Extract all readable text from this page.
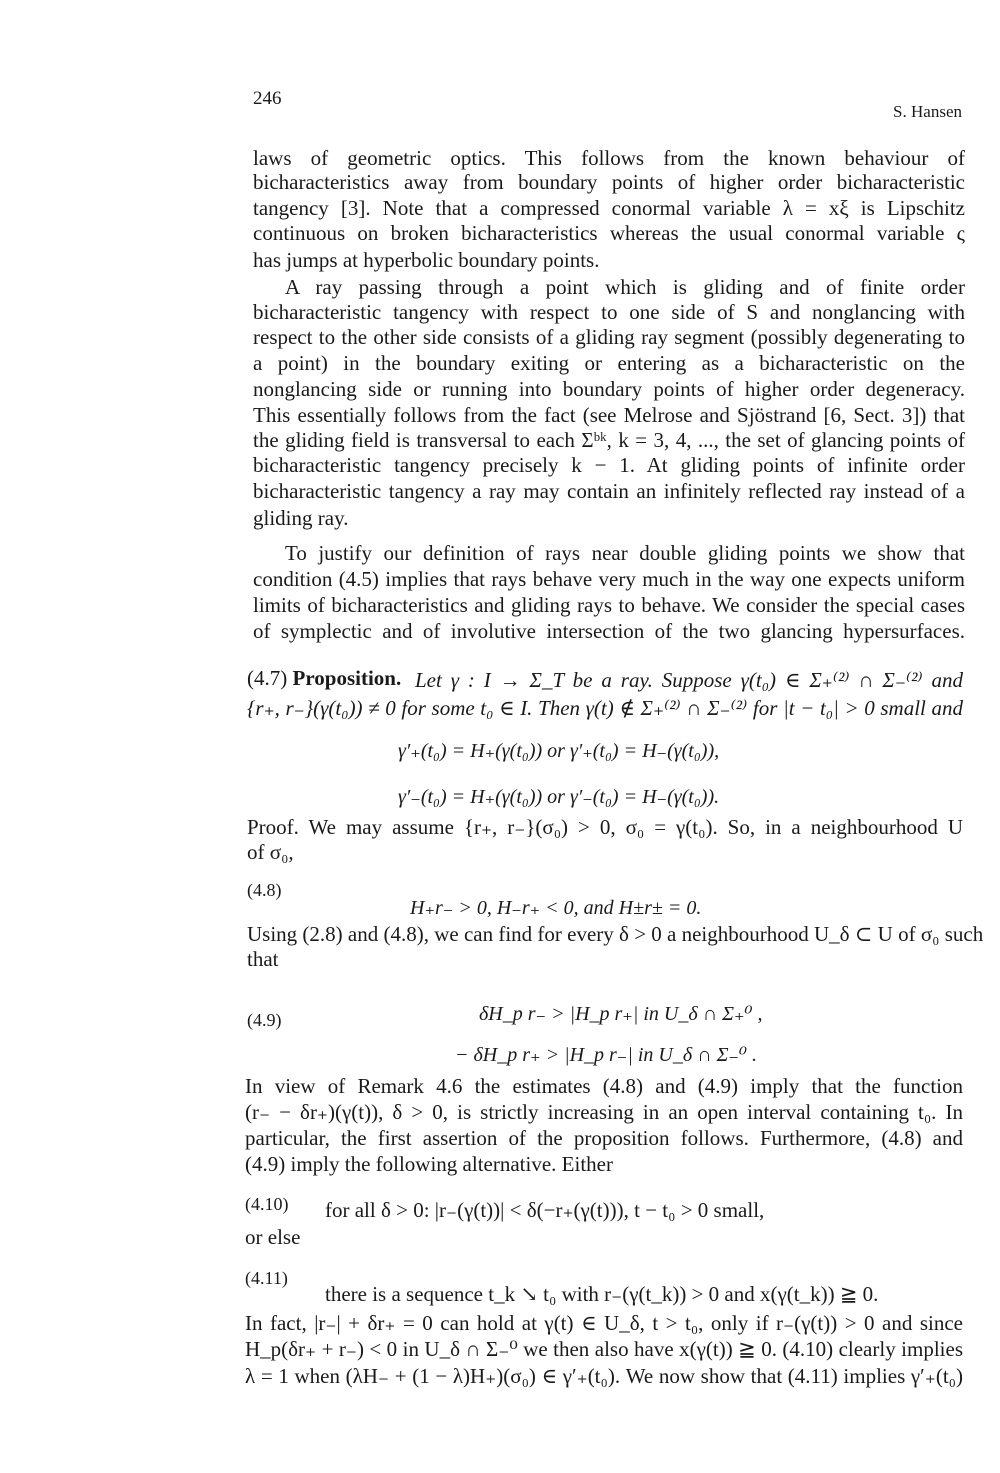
246
S. Hansen
laws of geometric optics. This follows from the known behaviour of
bicharacteristics away from boundary points of higher order bicharacteristic
tangency [3]. Note that a compressed conormal variable λ = xξ is Lipschitz
continuous on broken bicharacteristics whereas the usual conormal variable ς
has jumps at hyperbolic boundary points.
A ray passing through a point which is gliding and of finite order
bicharacteristic tangency with respect to one side of S and nonglancing with
respect to the other side consists of a gliding ray segment (possibly degenerating to
a point) in the boundary exiting or entering as a bicharacteristic on the
nonglancing side or running into boundary points of higher order degeneracy.
This essentially follows from the fact (see Melrose and Sjöstrand [6, Sect. 3]) that
the gliding field is transversal to each Σᵇᵏ, k = 3, 4, ..., the set of glancing points of
bicharacteristic tangency precisely k − 1. At gliding points of infinite order
bicharacteristic tangency a ray may contain an infinitely reflected ray instead of a
gliding ray.
To justify our definition of rays near double gliding points we show that
condition (4.5) implies that rays behave very much in the way one expects uniform
limits of bicharacteristics and gliding rays to behave. We consider the special cases
of symplectic and of involutive intersection of the two glancing hypersurfaces.
(4.7) Proposition. Let γ : I → Σ_T be a ray. Suppose γ(t₀) ∈ Σ₊⁽²⁾ ∩ Σ₋⁽²⁾ and
{r₊, r₋}(γ(t₀)) ≠ 0 for some t₀ ∈ I. Then γ(t) ∉ Σ₊⁽²⁾ ∩ Σ₋⁽²⁾ for |t − t₀| > 0 small and
γ′₊(t₀) = H₊(γ(t₀)) or γ′₊(t₀) = H₋(γ(t₀)),
γ′₋(t₀) = H₊(γ(t₀)) or γ′₋(t₀) = H₋(γ(t₀)).
Proof. We may assume {r₊, r₋}(σ₀) > 0, σ₀ = γ(t₀). So, in a neighbourhood U
of σ₀,
(4.8)
H₊r₋ > 0, H₋r₊ < 0, and H±r± = 0.
Using (2.8) and (4.8), we can find for every δ > 0 a neighbourhood U_δ ⊂ U of σ₀ such
that
(4.9)	δH_p r₋ > |H_p r₊| in U_δ ∩ Σ₊⁰ ,
− δH_p r₊ > |H_p r₋| in U_δ ∩ Σ₋⁰ .
In view of Remark 4.6 the estimates (4.8) and (4.9) imply that the function
(r₋ − δr₊)(γ(t)), δ > 0, is strictly increasing in an open interval containing t₀. In
particular, the first assertion of the proposition follows. Furthermore, (4.8) and
(4.9) imply the following alternative. Either
(4.10) for all δ > 0: |r₋(γ(t))| < δ(−r₊(γ(t))), t − t₀ > 0 small,
or else
(4.11)
there is a sequence t_k ↘ t₀ with r₋(γ(t_k)) > 0 and x(γ(t_k)) ≧ 0.
In fact, |r₋| + δr₊ = 0 can hold at γ(t) ∈ U_δ, t > t₀, only if r₋(γ(t)) > 0 and since
H_p(δr₊ + r₋) < 0 in U_δ ∩ Σ₋⁰ we then also have x(γ(t)) ≧ 0. (4.10) clearly implies
λ = 1 when (λH₋ + (1 − λ)H₊)(σ₀) ∈ γ′₊(t₀). We now show that (4.11) implies γ′₊(t₀)
